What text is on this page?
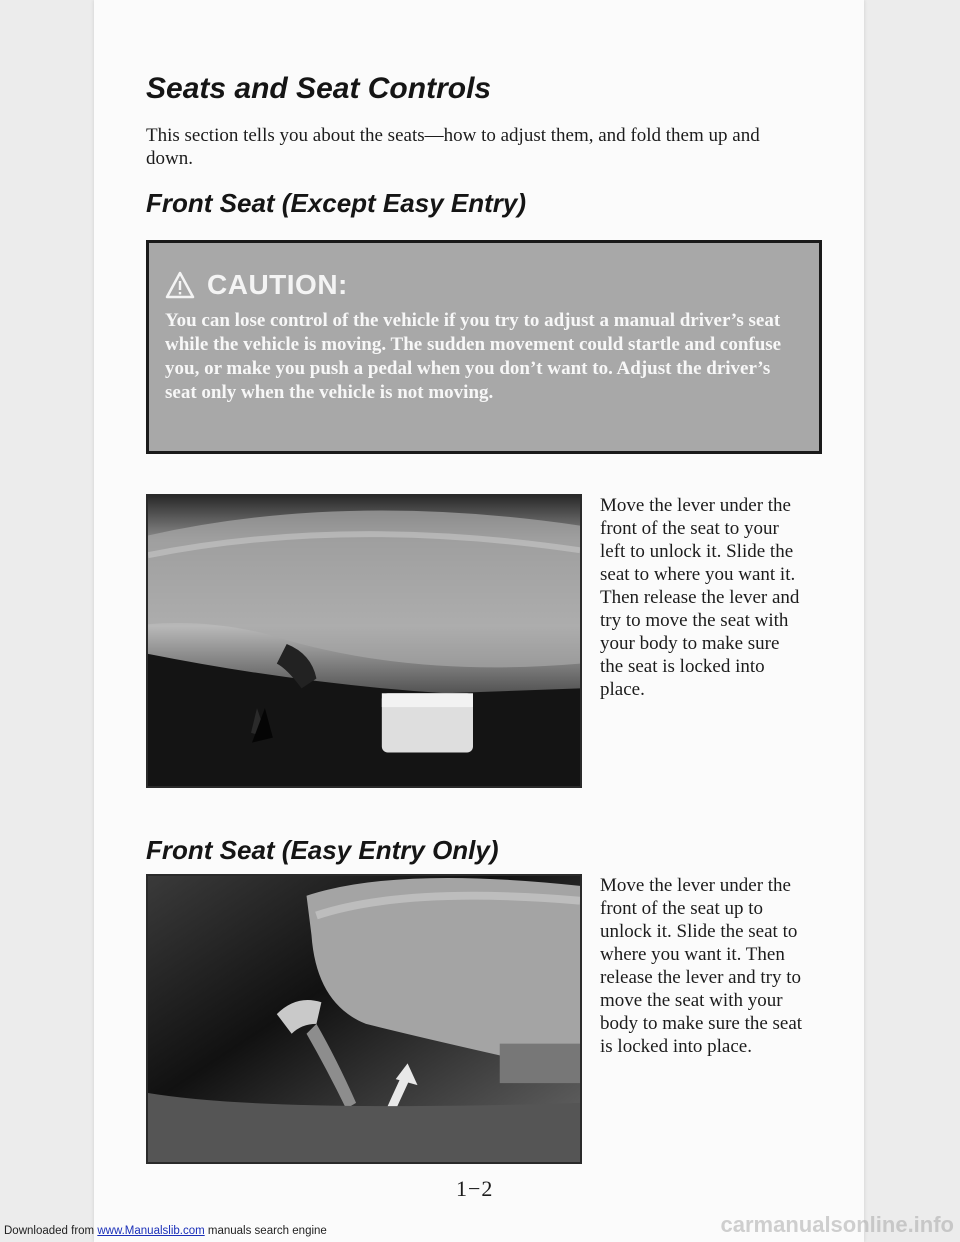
Seats and Seat Controls

This section tells you about the seats—how to adjust them, and fold them up and down.

Front Seat (Except Easy Entry)
CAUTION:

You can lose control of the vehicle if you try to adjust a manual driver’s seat while the vehicle is moving. The sudden movement could startle and confuse you, or make you push a pedal when you don’t want to. Adjust the driver’s seat only when the vehicle is not moving.

Move the lever under the front of the seat to your left to unlock it. Slide the seat to where you want it. Then release the lever and try to move the seat with your body to make sure the seat is locked into place.

Front Seat (Easy Entry Only)

Move the lever under the front of the seat up to unlock it. Slide the seat to where you want it. Then release the lever and try to move the seat with your body to make sure the seat is locked into place.

1−2
carmanualsonline.info
Downloaded from www.Manualslib.com manuals search engine
